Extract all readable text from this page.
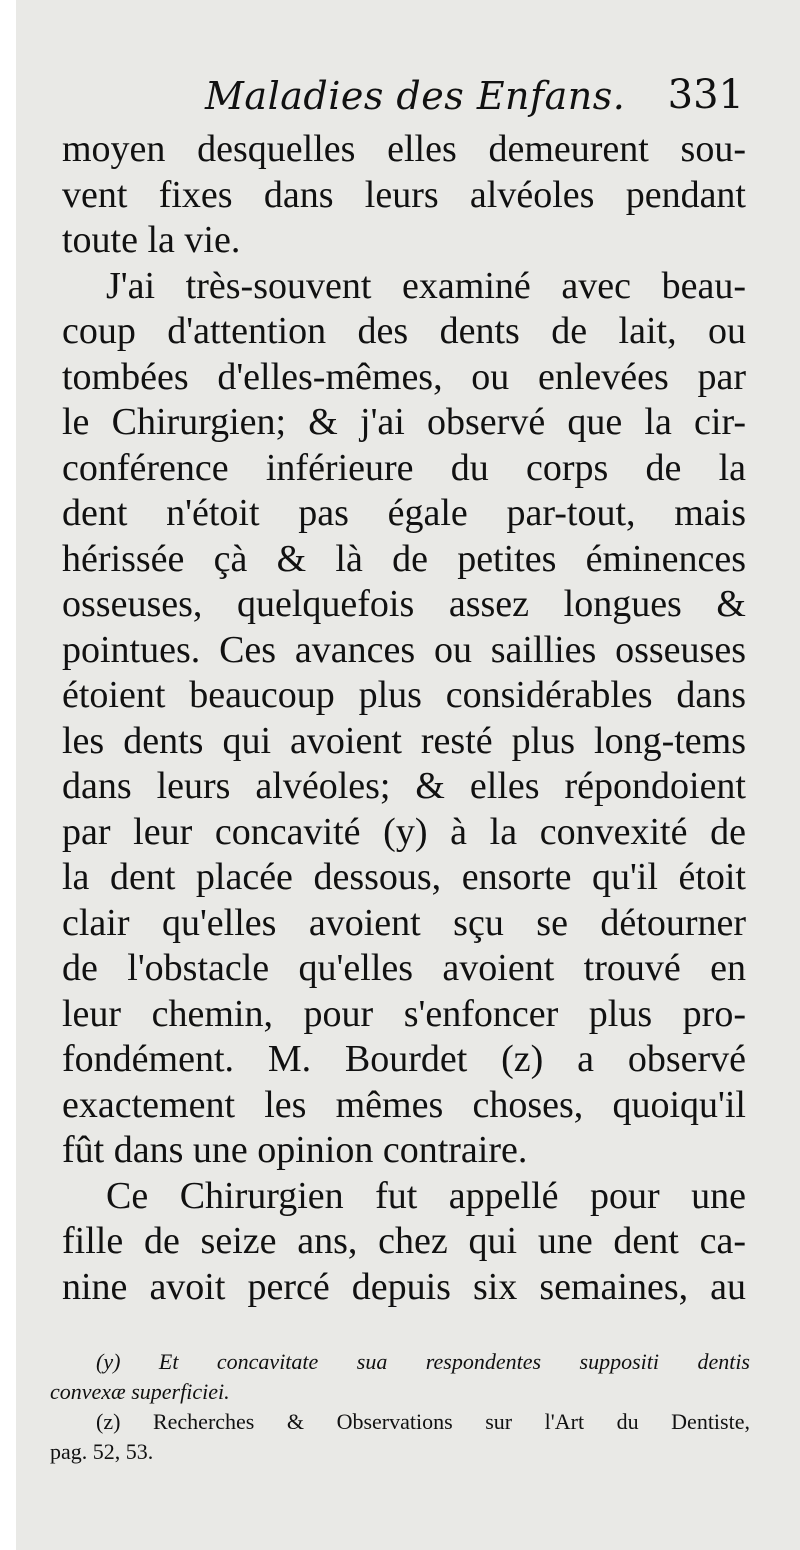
Maladies des Enfans. 331
moyen desquelles elles demeurent sou-
vent fixes dans leurs alvéoles pendant
toute la vie.
J'ai très-souvent examiné avec beau-
coup d'attention des dents de lait, ou
tombées d'elles-mêmes, ou enlevées par
le Chirurgien; & j'ai observé que la cir-
conférence inférieure du corps de la
dent n'étoit pas égale par-tout, mais
hérissée çà & là de petites éminences
osseuses, quelquefois assez longues &
pointues. Ces avances ou saillies osseuses
étoient beaucoup plus considérables dans
les dents qui avoient resté plus long-tems
dans leurs alvéoles; & elles répondoient
par leur concavité (y) à la convexité de
la dent placée dessous, ensorte qu'il étoit
clair qu'elles avoient sçu se détourner
de l'obstacle qu'elles avoient trouvé en
leur chemin, pour s'enfoncer plus pro-
fondément. M. Bourdet (z) a observé
exactement les mêmes choses, quoiqu'il
fût dans une opinion contraire.
Ce Chirurgien fut appellé pour une
fille de seize ans, chez qui une dent ca-
nine avoit percé depuis six semaines, au
(y) Et concavitate sua respondentes suppositi dentis
convexæ superficiei.
(z) Recherches & Observations sur l'Art du Dentiste,
pag. 52, 53.
